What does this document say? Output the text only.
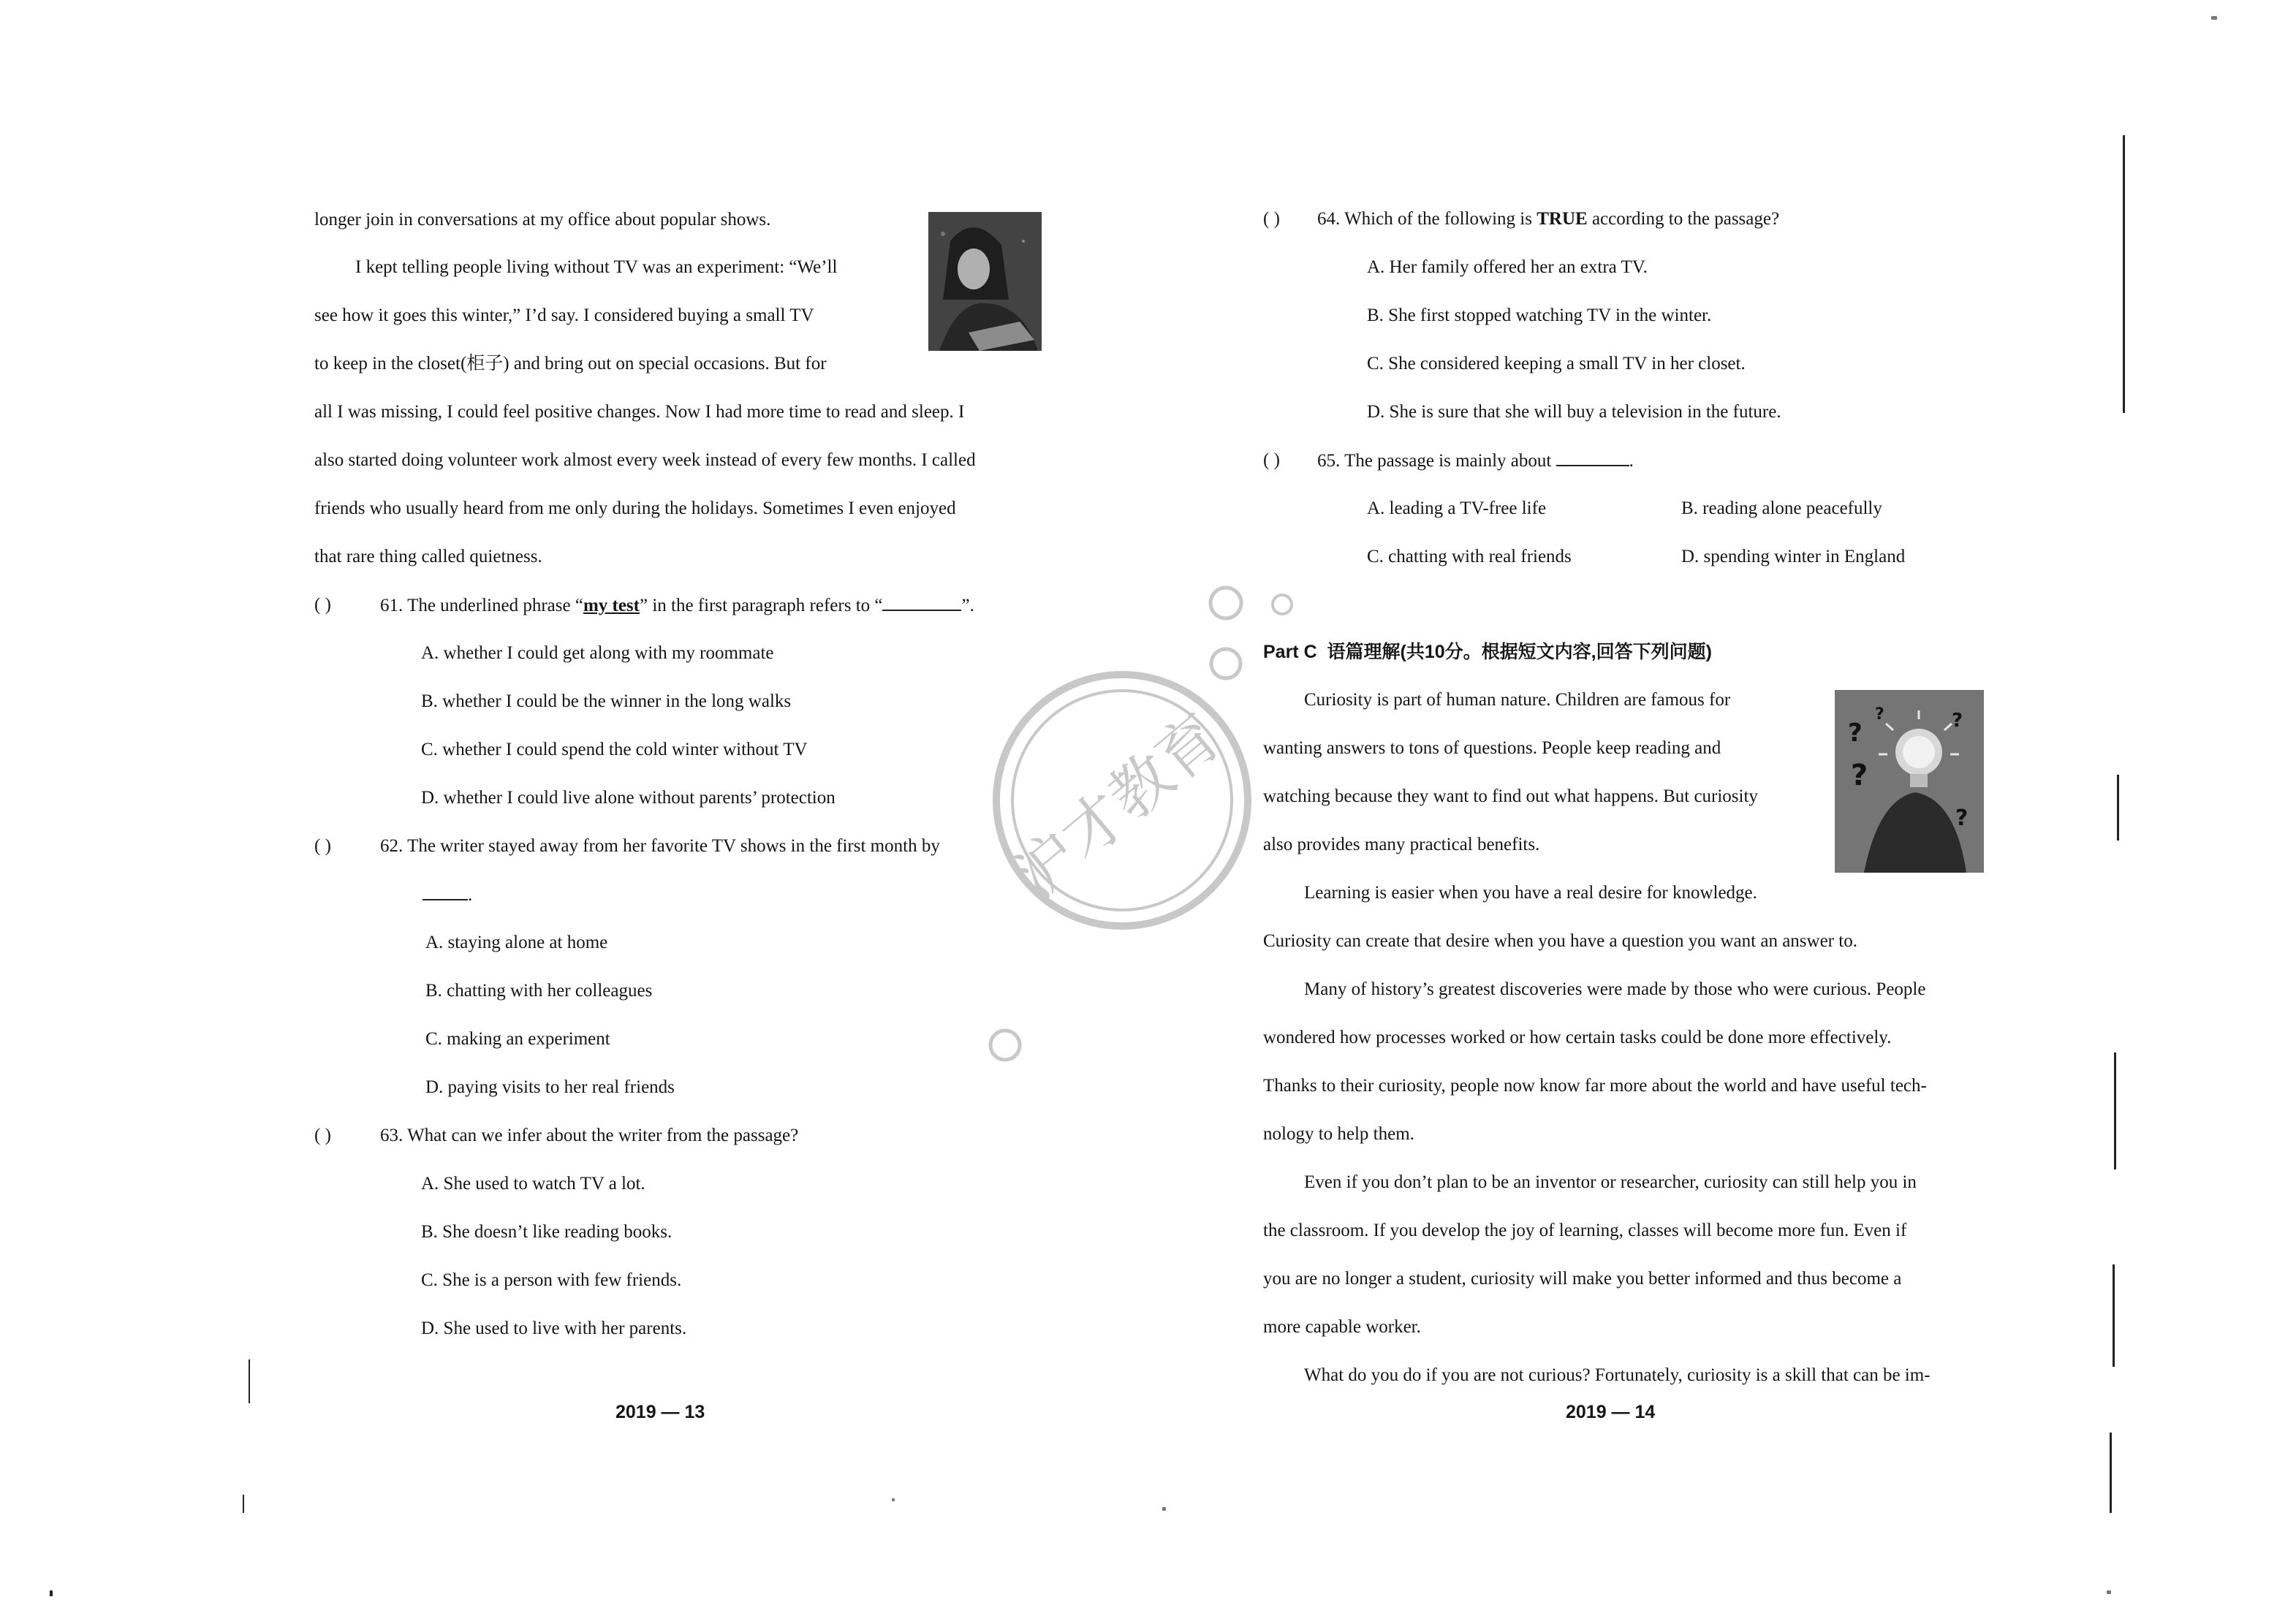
longer join in conversations at my office about popular shows.
I kept telling people living without TV was an experiment: “We’ll
see how it goes this winter,” I’d say. I considered buying a small TV
to keep in the closet(柜子) and bring out on special occasions. But for
all I was missing, I could feel positive changes. Now I had more time to read and sleep. I
also started doing volunteer work almost every week instead of every few months. I called
friends who usually heard from me only during the holidays. Sometimes I even enjoyed
that rare thing called quietness.
( )	61. The underlined phrase “my test” in the first paragraph refers to “	”.
A. whether I could get along with my roommate
B. whether I could be the winner in the long walks
C. whether I could spend the cold winter without TV
D. whether I could live alone without parents’ protection
( )	62. The writer stayed away from her favorite TV shows in the first month by
.
A. staying alone at home
B. chatting with her colleagues
C. making an experiment
D. paying visits to her real friends
( )	63. What can we infer about the writer from the passage?
A. She used to watch TV a lot.
B. She doesn’t like reading books.
C. She is a person with few friends.
D. She used to live with her parents.
2019 — 13
( ) 64. Which of the following is TRUE according to the passage?
A. Her family offered her an extra TV.
B. She first stopped watching TV in the winter.
C. She considered keeping a small TV in her closet.
D. She is sure that she will buy a television in the future.
( ) 65. The passage is mainly about	.
A. leading a TV-free life	B. reading alone peacefully
C. chatting with real friends	D. spending winter in England
Part C 语篇理解(共10分。根据短文内容,回答下列问题)
Curiosity is part of human nature. Children are famous for
wanting answers to tons of questions. People keep reading and
watching because they want to find out what happens. But curiosity
also provides many practical benefits.
Learning is easier when you have a real desire for knowledge.
Curiosity can create that desire when you have a question you want an answer to.
Many of history’s greatest discoveries were made by those who were curious. People
wondered how processes worked or how certain tasks could be done more effectively.
Thanks to their curiosity, people now know far more about the world and have useful tech-
nology to help them.
Even if you don’t plan to be an inventor or researcher, curiosity can still help you in
the classroom. If you develop the joy of learning, classes will become more fun. Even if
you are no longer a student, curiosity will make you better informed and thus become a
more capable worker.
What do you do if you are not curious? Fortunately, curiosity is a skill that can be im-
?	?
?
?
?
2019 — 14
沪才教育
